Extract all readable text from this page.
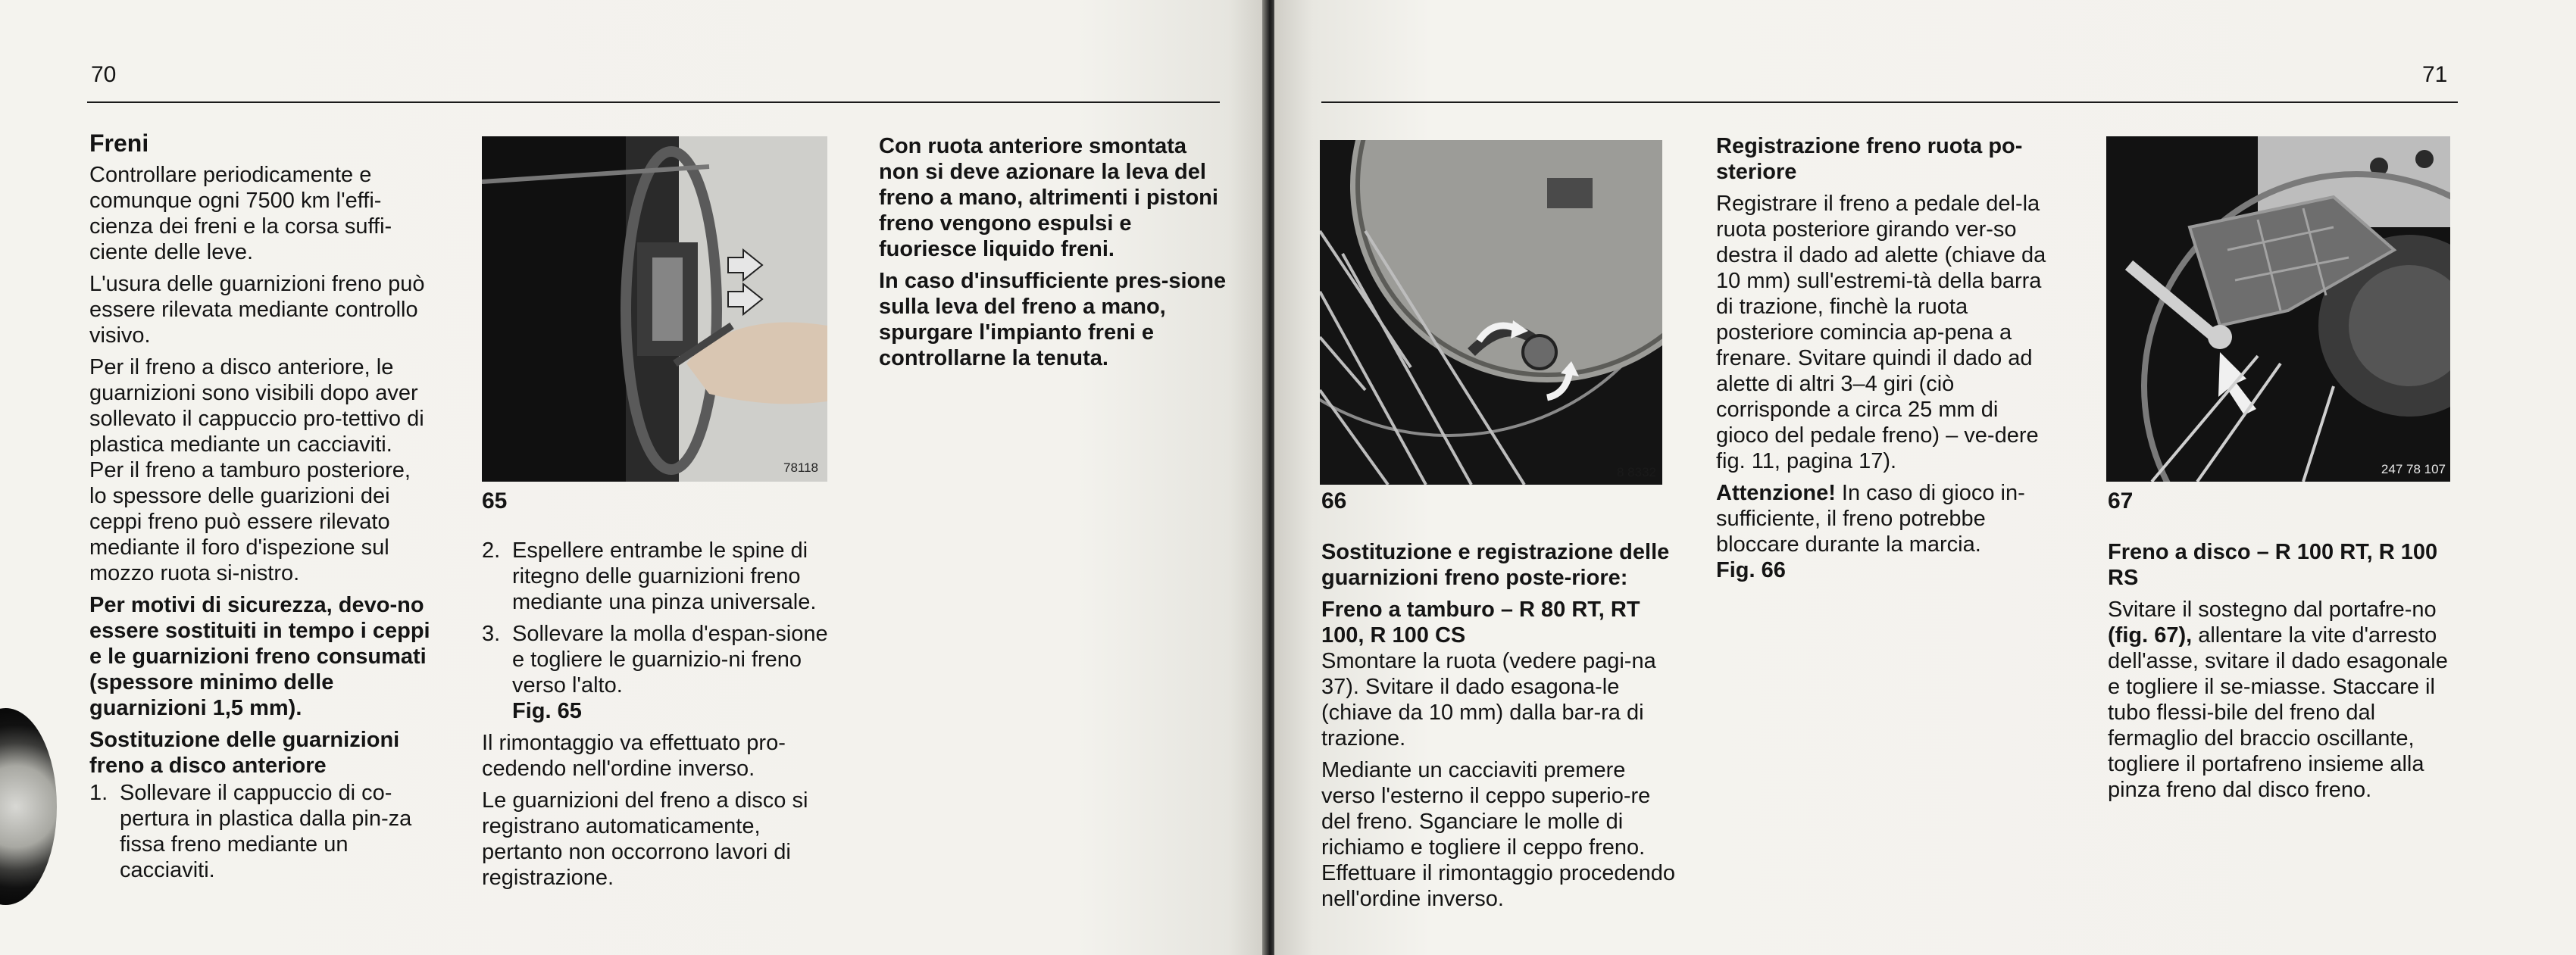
70
Freni

Controllare periodicamente e comunque ogni 7500 km l'effi-cienza dei freni e la corsa suffi-ciente delle leve.

L'usura delle guarnizioni freno può essere rilevata mediante controllo visivo.

Per il freno a disco anteriore, le guarnizioni sono visibili dopo aver sollevato il cappuccio pro-tettivo di plastica mediante un cacciaviti. Per il freno a tamburo posteriore, lo spessore delle guarizioni dei ceppi freno può essere rilevato mediante il foro d'ispezione sul mozzo ruota si-nistro.

Per motivi di sicurezza, devo-no essere sostituiti in tempo i ceppi e le guarnizioni freno consumati (spessore minimo delle guarnizioni 1,5 mm).

Sostituzione delle guarnizioni freno a disco anteriore

1. Sollevare il cappuccio di co-pertura in plastica dalla pin-za fissa freno mediante un cacciaviti.
78118
65
2. Espellere entrambe le spine di ritegno delle guarnizioni freno mediante una pinza universale.
3. Sollevare la molla d'espan-sione e togliere le guarnizio-ni freno verso l'alto.
Fig. 65

Il rimontaggio va effettuato pro-cedendo nell'ordine inverso.

Le guarnizioni del freno a disco si registrano automaticamente, pertanto non occorrono lavori di registrazione.

Con ruota anteriore smontata non si deve azionare la leva del freno a mano, altrimenti i pistoni freno vengono espulsi e fuoriesce liquido freni.

In caso d'insufficiente pres-sione sulla leva del freno a mano, spurgare l'impianto freni e controllarne la tenuta.

71
8 8332
66

Sostituzione e registrazione delle guarnizioni freno poste-riore:

Freno a tamburo – R 80 RT, RT 100, R 100 CS

Smontare la ruota (vedere pagi-na 37). Svitare il dado esagona-le (chiave da 10 mm) dalla bar-ra di trazione.

Mediante un cacciaviti premere verso l'esterno il ceppo superio-re del freno. Sganciare le molle di richiamo e togliere il ceppo freno. Effettuare il rimontaggio procedendo nell'ordine inverso.

Registrazione freno ruota po-steriore

Registrare il freno a pedale del-la ruota posteriore girando ver-so destra il dado ad alette (chiave da 10 mm) sull'estremi-tà della barra di trazione, finchè la ruota posteriore comincia ap-pena a frenare. Svitare quindi il dado ad alette di altri 3–4 giri (ciò corrisponde a circa 25 mm di gioco del pedale freno) – ve-dere fig. 11, pagina 17).

Attenzione! In caso di gioco in-sufficiente, il freno potrebbe bloccare durante la marcia.

Fig. 66

247 78 107
67

Freno a disco – R 100 RT, R 100 RS

Svitare il sostegno dal portafre-no (fig. 67), allentare la vite d'arresto dell'asse, svitare il dado esagonale e togliere il se-miasse. Staccare il tubo flessi-bile del freno dal fermaglio del braccio oscillante, togliere il portafreno insieme alla pinza freno dal disco freno.
